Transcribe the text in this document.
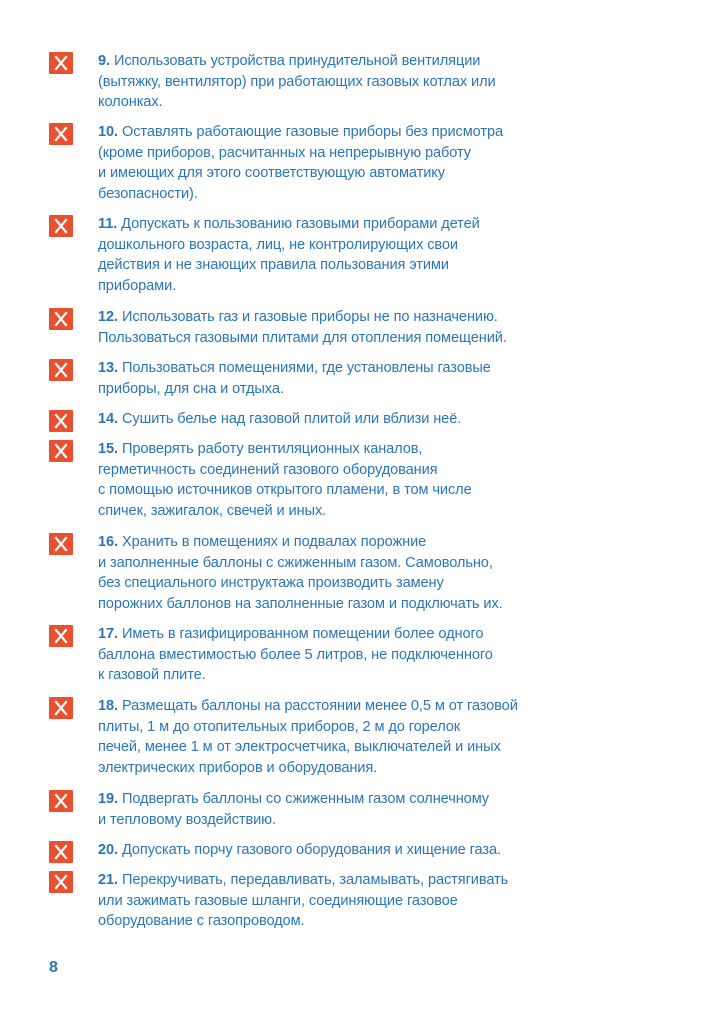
9. Использовать устройства принудительной вентиляции
(вытяжку, вентилятор) при работающих газовых котлах или
колонках.
10. Оставлять работающие газовые приборы без присмотра
(кроме приборов, расчитанных на непрерывную работу
и имеющих для этого соответствующую автоматику
безопасности).
11. Допускать к пользованию газовыми приборами детей
дошкольного возраста, лиц, не контролирующих свои
действия и не знающих правила пользования этими
приборами.
12. Использовать газ и газовые приборы не по назначению.
Пользоваться газовыми плитами для отопления помещений.
13. Пользоваться помещениями, где установлены газовые
приборы, для сна и отдыха.
14. Сушить белье над газовой плитой или вблизи неё.
15. Проверять работу вентиляционных каналов,
герметичность соединений газового оборудования
с помощью источников открытого пламени, в том числе
спичек, зажигалок, свечей и иных.
16. Хранить в помещениях и подвалах порожние
и заполненные баллоны с сжиженным газом. Самовольно,
без специального инструктажа производить замену
порожних баллонов на заполненные газом и подключать их.
17. Иметь в газифицированном помещении более одного
баллона вместимостью более 5 литров, не подключенного
к газовой плите.
18. Размещать баллоны на расстоянии менее 0,5 м от газовой
плиты, 1 м до отопительных приборов, 2 м до горелок
печей, менее 1 м от электросчетчика, выключателей и иных
электрических приборов и оборудования.
19. Подвергать баллоны со сжиженным газом солнечному
и тепловому воздействию.
20. Допускать порчу газового оборудования и хищение газа.
21. Перекручивать, передавливать, заламывать, растягивать
или зажимать газовые шланги, соединяющие газовое
оборудование с газопроводом.
8
